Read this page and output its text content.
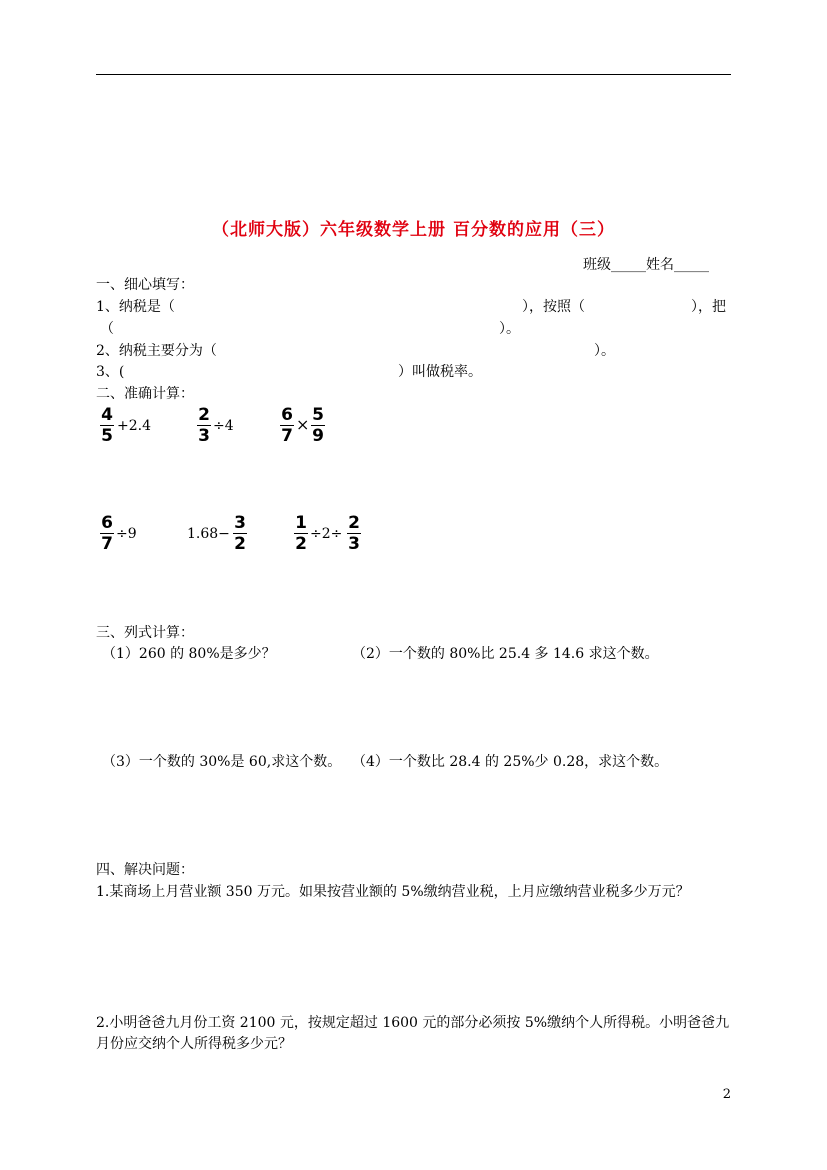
（北师大版）六年级数学上册 百分数的应用（三）
班级_____姓名_____
一、细心填写：
1、纳税是（	），按照（	），把
（	）。
2、纳税主要分为（	）。
3、(	）叫做税率。
二、准确计算：
4
5 +2.4
2
3 ÷4
6
7
× 5
9
6
7 ÷9	1.68−
3
2
1
2 ÷2÷
2
3
三、列式计算：
（1）260 的 80%是多少？	（2）一个数的 80%比 25.4 多 14.6 求这个数。
（3）一个数的 30%是 60,求这个数。 （4）一个数比 28.4 的 25%少 0.28，求这个数。
四、解决问题：
1.某商场上月营业额 350 万元。如果按营业额的 5%缴纳营业税，上月应缴纳营业税多少万元？
2.小明爸爸九月份工资 2100 元，按规定超过 1600 元的部分必须按 5%缴纳个人所得税。小明爸爸九
月份应交纳个人所得税多少元？
2
